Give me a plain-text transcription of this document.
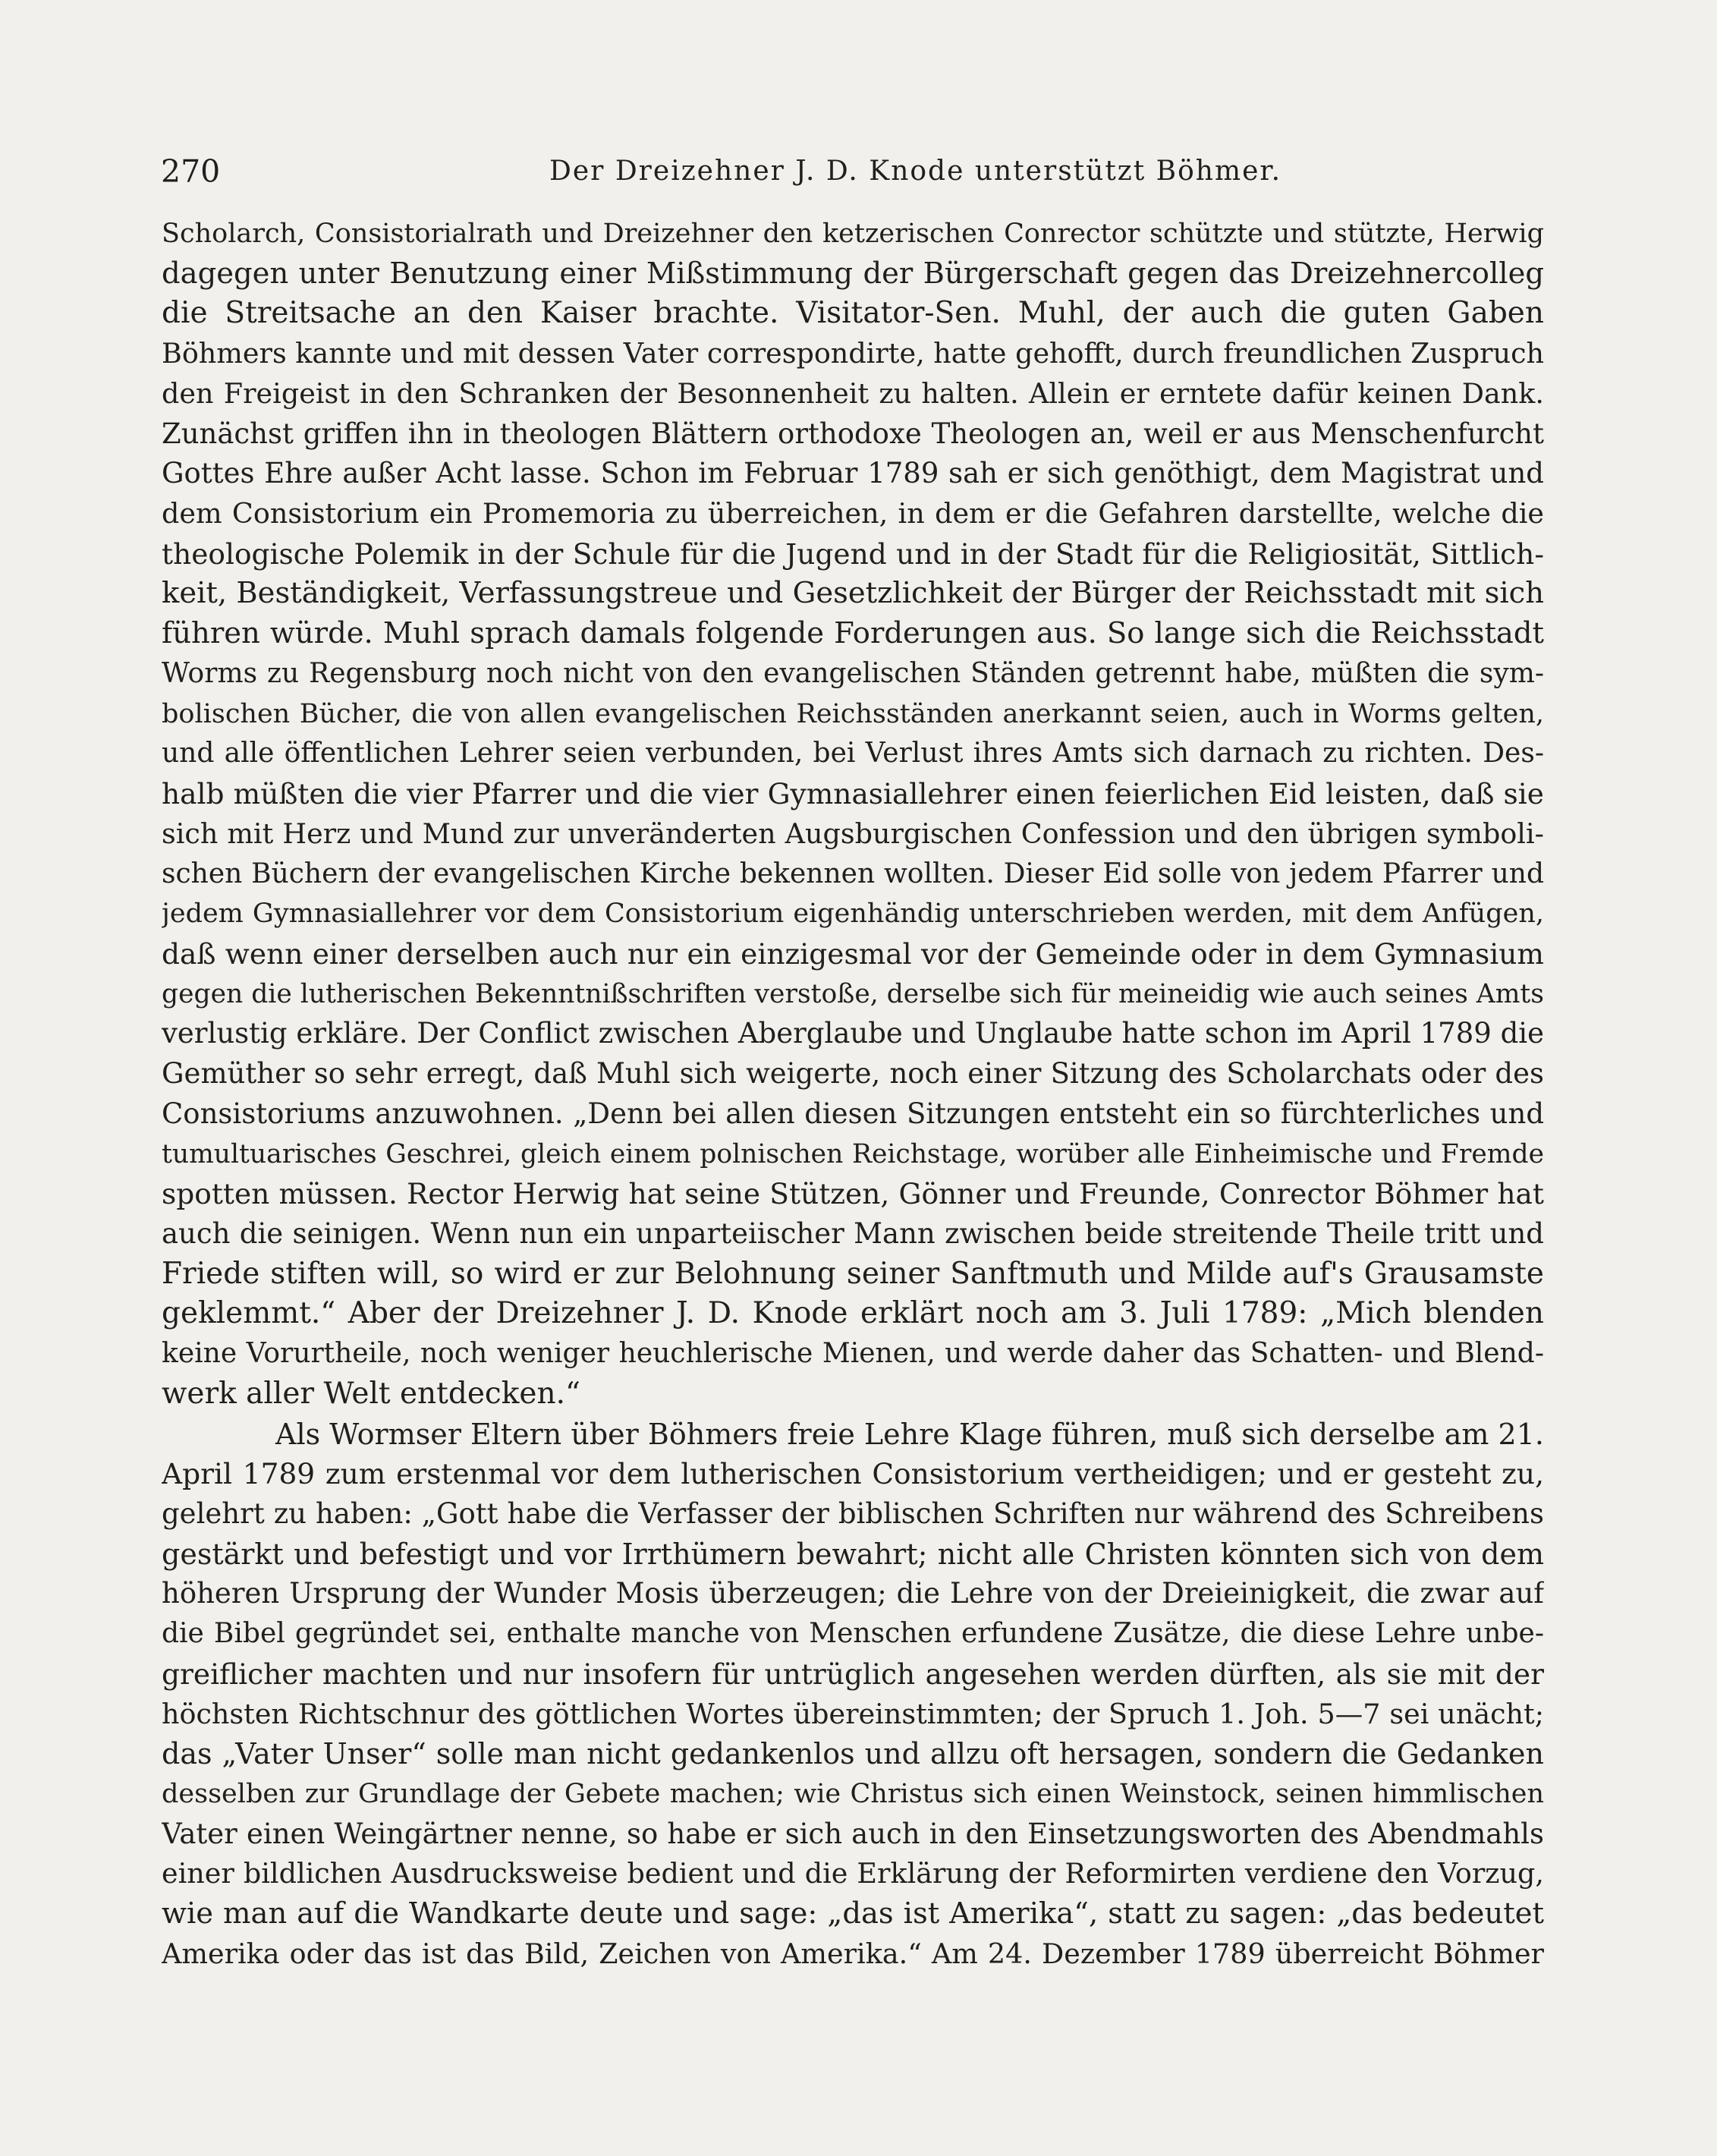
270	Der Dreizehner J. D. Knode unterstützt Böhmer.
Scholarch, Consistorialrath und Dreizehner den ketzerischen Conrector schützte und stützte, Herwig
dagegen unter Benutzung einer Mißstimmung der Bürgerschaft gegen das Dreizehnercolleg
die Streitsache an den Kaiser brachte. Visitator-Sen. Muhl, der auch die guten Gaben
Böhmers kannte und mit dessen Vater correspondirte, hatte gehofft, durch freundlichen Zuspruch
den Freigeist in den Schranken der Besonnenheit zu halten. Allein er erntete dafür keinen Dank.
Zunächst griffen ihn in theologen Blättern orthodoxe Theologen an, weil er aus Menschenfurcht
Gottes Ehre außer Acht lasse. Schon im Februar 1789 sah er sich genöthigt, dem Magistrat und
dem Consistorium ein Promemoria zu überreichen, in dem er die Gefahren darstellte, welche die
theologische Polemik in der Schule für die Jugend und in der Stadt für die Religiosität, Sittlich-
keit, Beständigkeit, Verfassungstreue und Gesetzlichkeit der Bürger der Reichsstadt mit sich
führen würde. Muhl sprach damals folgende Forderungen aus. So lange sich die Reichsstadt
Worms zu Regensburg noch nicht von den evangelischen Ständen getrennt habe, müßten die sym-
bolischen Bücher, die von allen evangelischen Reichsständen anerkannt seien, auch in Worms gelten,
und alle öffentlichen Lehrer seien verbunden, bei Verlust ihres Amts sich darnach zu richten. Des-
halb müßten die vier Pfarrer und die vier Gymnasiallehrer einen feierlichen Eid leisten, daß sie
sich mit Herz und Mund zur unveränderten Augsburgischen Confession und den übrigen symboli-
schen Büchern der evangelischen Kirche bekennen wollten. Dieser Eid solle von jedem Pfarrer und
jedem Gymnasiallehrer vor dem Consistorium eigenhändig unterschrieben werden, mit dem Anfügen,
daß wenn einer derselben auch nur ein einzigesmal vor der Gemeinde oder in dem Gymnasium
gegen die lutherischen Bekenntnißschriften verstoße, derselbe sich für meineidig wie auch seines Amts
verlustig erkläre. Der Conflict zwischen Aberglaube und Unglaube hatte schon im April 1789 die
Gemüther so sehr erregt, daß Muhl sich weigerte, noch einer Sitzung des Scholarchats oder des
Consistoriums anzuwohnen. „Denn bei allen diesen Sitzungen entsteht ein so fürchterliches und
tumultuarisches Geschrei, gleich einem polnischen Reichstage, worüber alle Einheimische und Fremde
spotten müssen. Rector Herwig hat seine Stützen, Gönner und Freunde, Conrector Böhmer hat
auch die seinigen. Wenn nun ein unparteiischer Mann zwischen beide streitende Theile tritt und
Friede stiften will, so wird er zur Belohnung seiner Sanftmuth und Milde auf's Grausamste
geklemmt.“ Aber der Dreizehner J. D. Knode erklärt noch am 3. Juli 1789: „Mich blenden
keine Vorurtheile, noch weniger heuchlerische Mienen, und werde daher das Schatten- und Blend-
werk aller Welt entdecken.“
Als Wormser Eltern über Böhmers freie Lehre Klage führen, muß sich derselbe am 21.
April 1789 zum erstenmal vor dem lutherischen Consistorium vertheidigen; und er gesteht zu,
gelehrt zu haben: „Gott habe die Verfasser der biblischen Schriften nur während des Schreibens
gestärkt und befestigt und vor Irrthümern bewahrt; nicht alle Christen könnten sich von dem
höheren Ursprung der Wunder Mosis überzeugen; die Lehre von der Dreieinigkeit, die zwar auf
die Bibel gegründet sei, enthalte manche von Menschen erfundene Zusätze, die diese Lehre unbe-
greiflicher machten und nur insofern für untrüglich angesehen werden dürften, als sie mit der
höchsten Richtschnur des göttlichen Wortes übereinstimmten; der Spruch 1. Joh. 5—7 sei unächt;
das „Vater Unser“ solle man nicht gedankenlos und allzu oft hersagen, sondern die Gedanken
desselben zur Grundlage der Gebete machen; wie Christus sich einen Weinstock, seinen himmlischen
Vater einen Weingärtner nenne, so habe er sich auch in den Einsetzungsworten des Abendmahls
einer bildlichen Ausdrucksweise bedient und die Erklärung der Reformirten verdiene den Vorzug,
wie man auf die Wandkarte deute und sage: „das ist Amerika“, statt zu sagen: „das bedeutet
Amerika oder das ist das Bild, Zeichen von Amerika.“ Am 24. Dezember 1789 überreicht Böhmer
